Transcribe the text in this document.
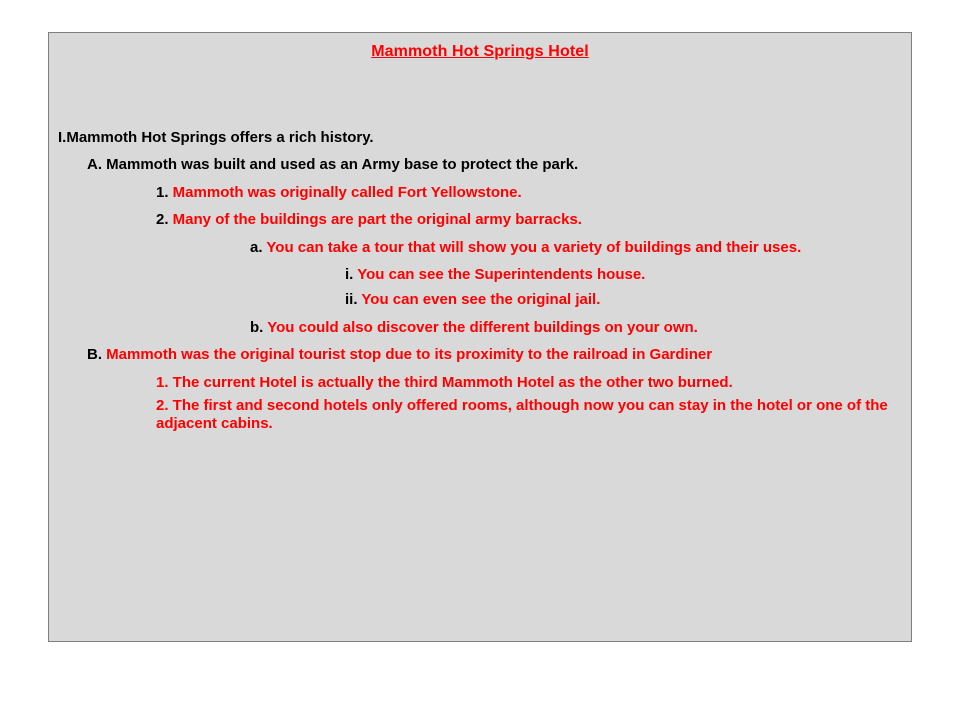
Mammoth Hot Springs Hotel
I.Mammoth Hot Springs offers a rich history.
A. Mammoth was built and used as an Army base to protect the park.
1. Mammoth was originally called Fort Yellowstone.
2. Many of the buildings are part the original army barracks.
a. You can take a tour that will show you a variety of buildings and their uses.
i. You can see the Superintendents house.
ii. You can even see the original jail.
b. You could also discover the different buildings on your own.
B. Mammoth was the original tourist stop due to its proximity to the railroad in Gardiner
1. The current Hotel is actually the third Mammoth Hotel as the other two burned.
2. The first and second hotels only offered rooms, although now you can stay in the hotel or one of the adjacent cabins.
